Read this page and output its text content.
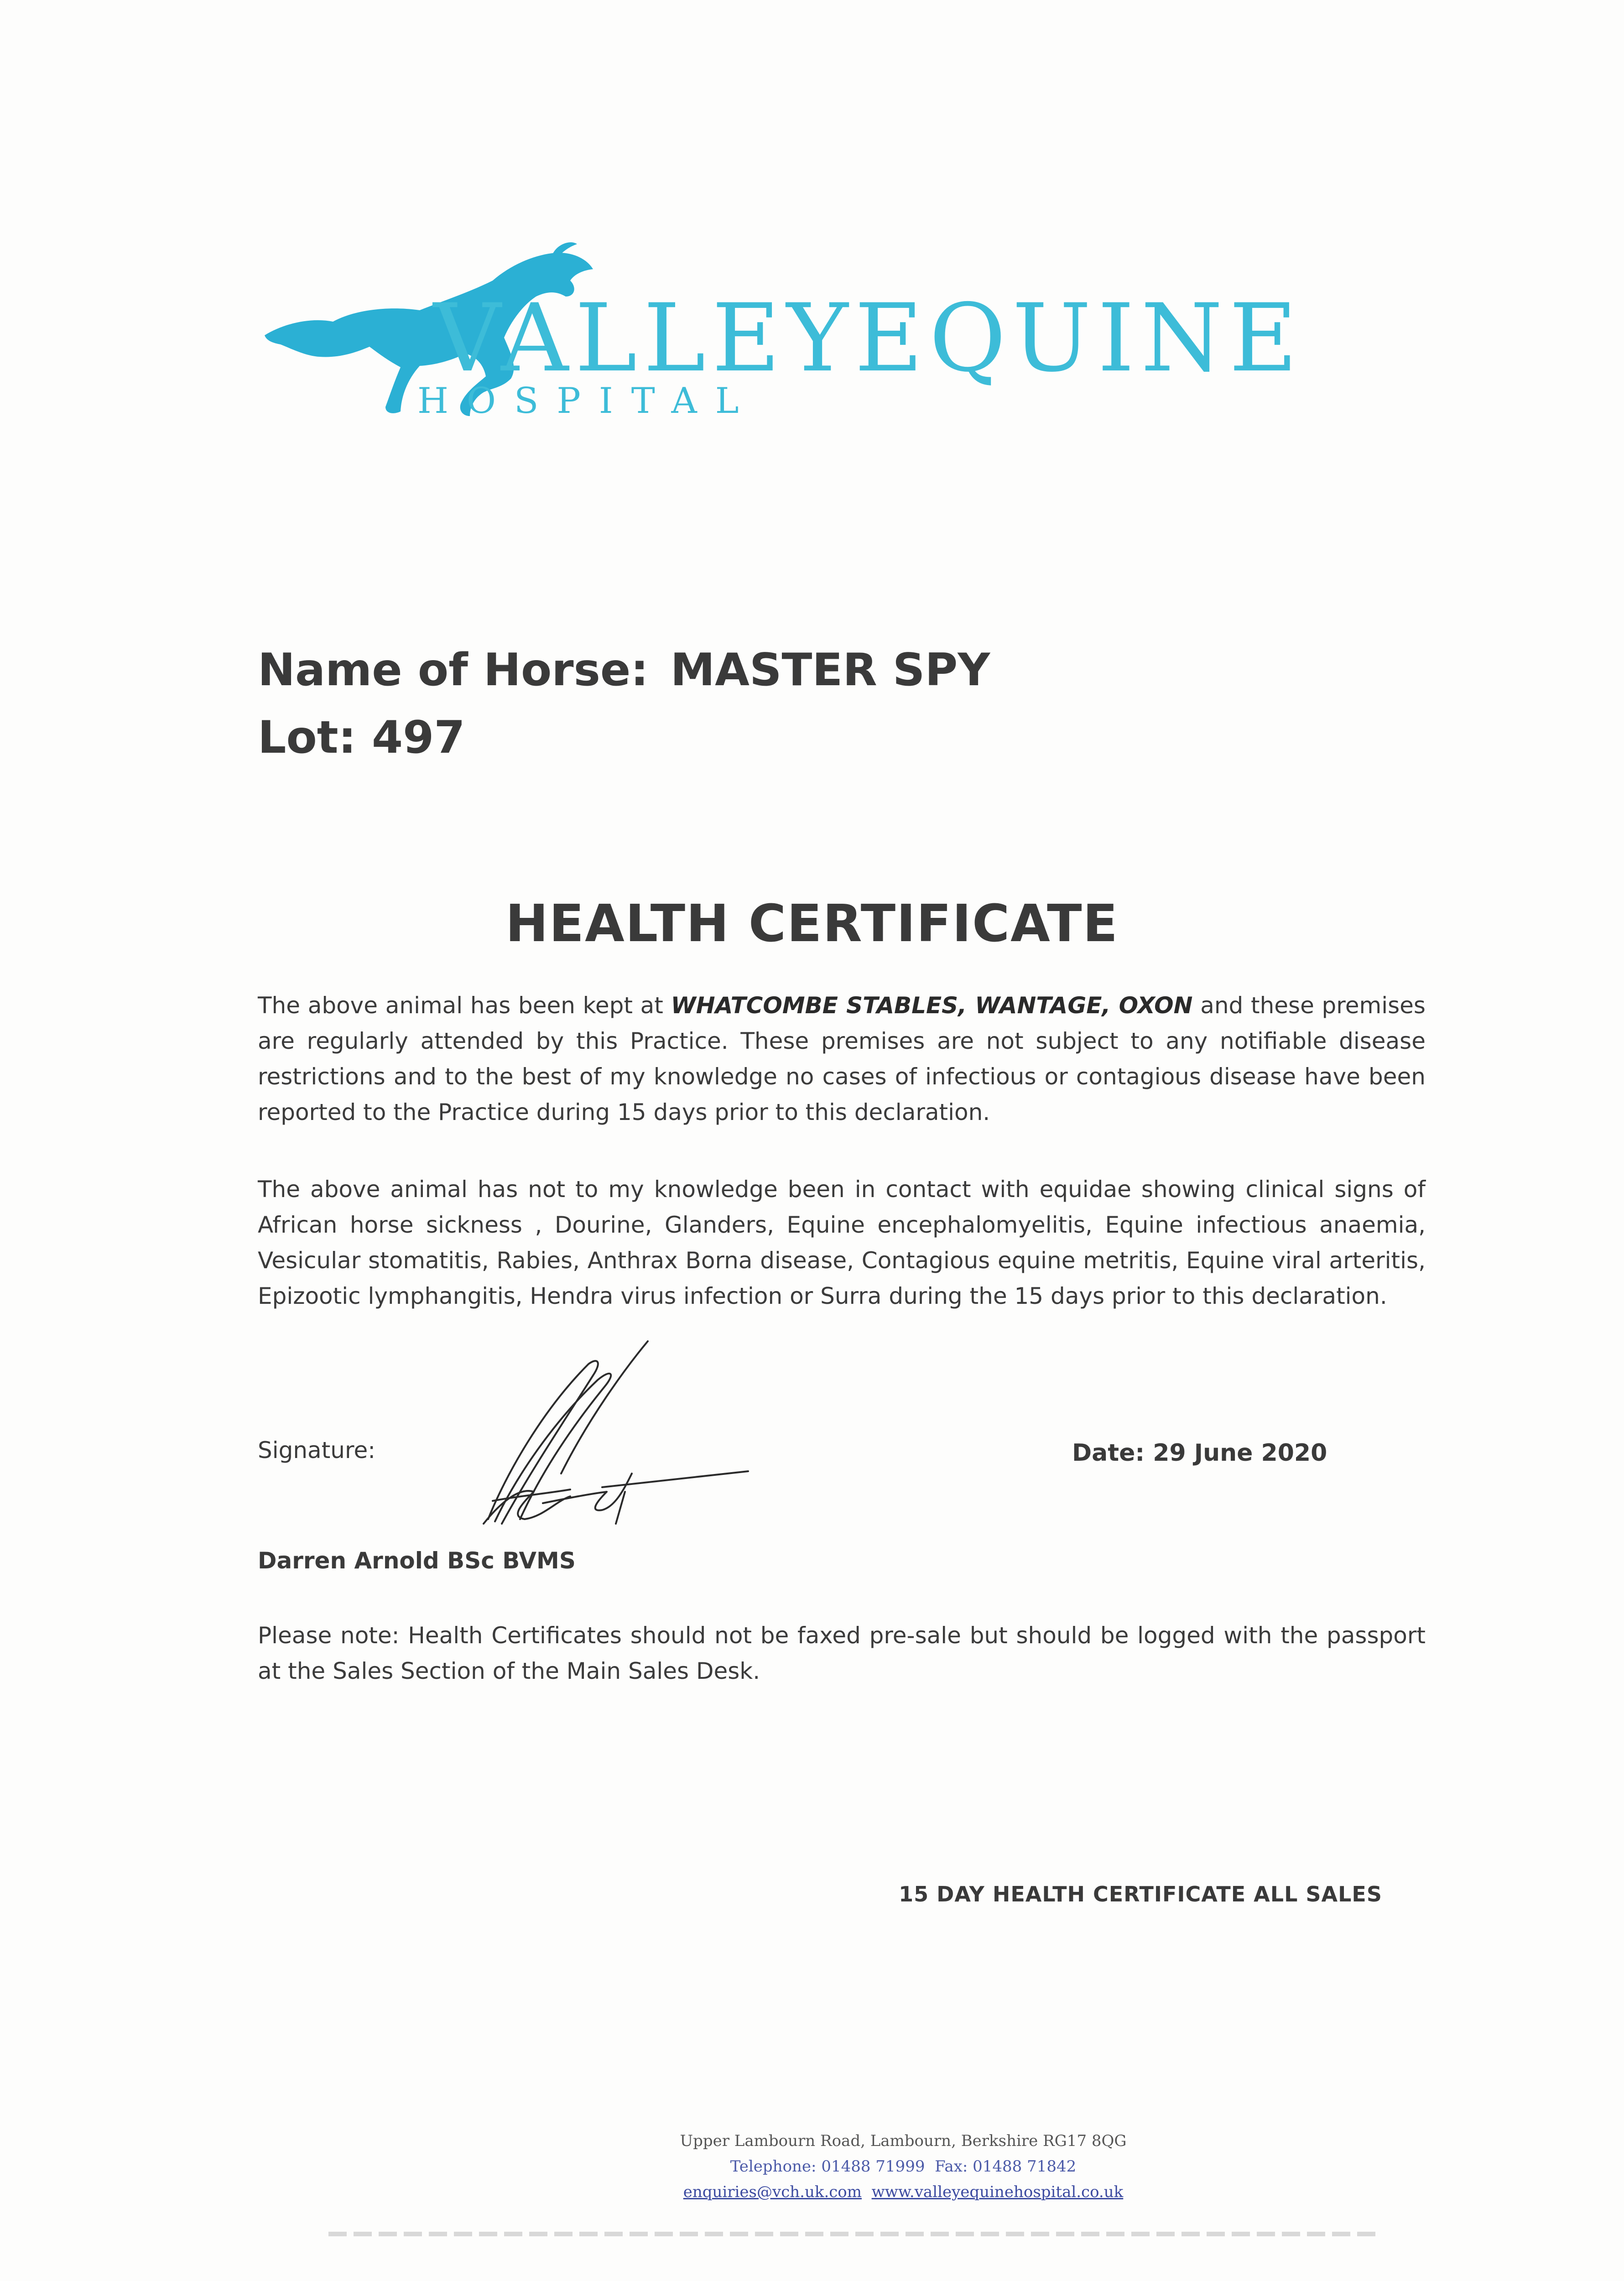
VALLEYEQUINE
HOSPITAL
Name of Horse: MASTER SPY
Lot: 497
HEALTH CERTIFICATE
The above animal has been kept at WHATCOMBE STABLES, WANTAGE, OXON and these premises are regularly attended by this Practice. These premises are not subject to any notifiable disease restrictions and to the best of my knowledge no cases of infectious or contagious disease have been reported to the Practice during 15 days prior to this declaration.
The above animal has not to my knowledge been in contact with equidae showing clinical signs of African horse sickness , Dourine, Glanders, Equine encephalomyelitis, Equine infectious anaemia, Vesicular stomatitis, Rabies, Anthrax Borna disease, Contagious equine metritis, Equine viral arteritis, Epizootic lymphangitis, Hendra virus infection or Surra during the 15 days prior to this declaration.
Signature:	Date: 29 June 2020
Darren Arnold BSc BVMS
Please note: Health Certificates should not be faxed pre-sale but should be logged with the passport at the Sales Section of the Main Sales Desk.
15 DAY HEALTH CERTIFICATE ALL SALES
Upper Lambourn Road, Lambourn, Berkshire RG17 8QG
Telephone: 01488 71999 Fax: 01488 71842
enquiries@vch.uk.com www.valleyequinehospital.co.uk
